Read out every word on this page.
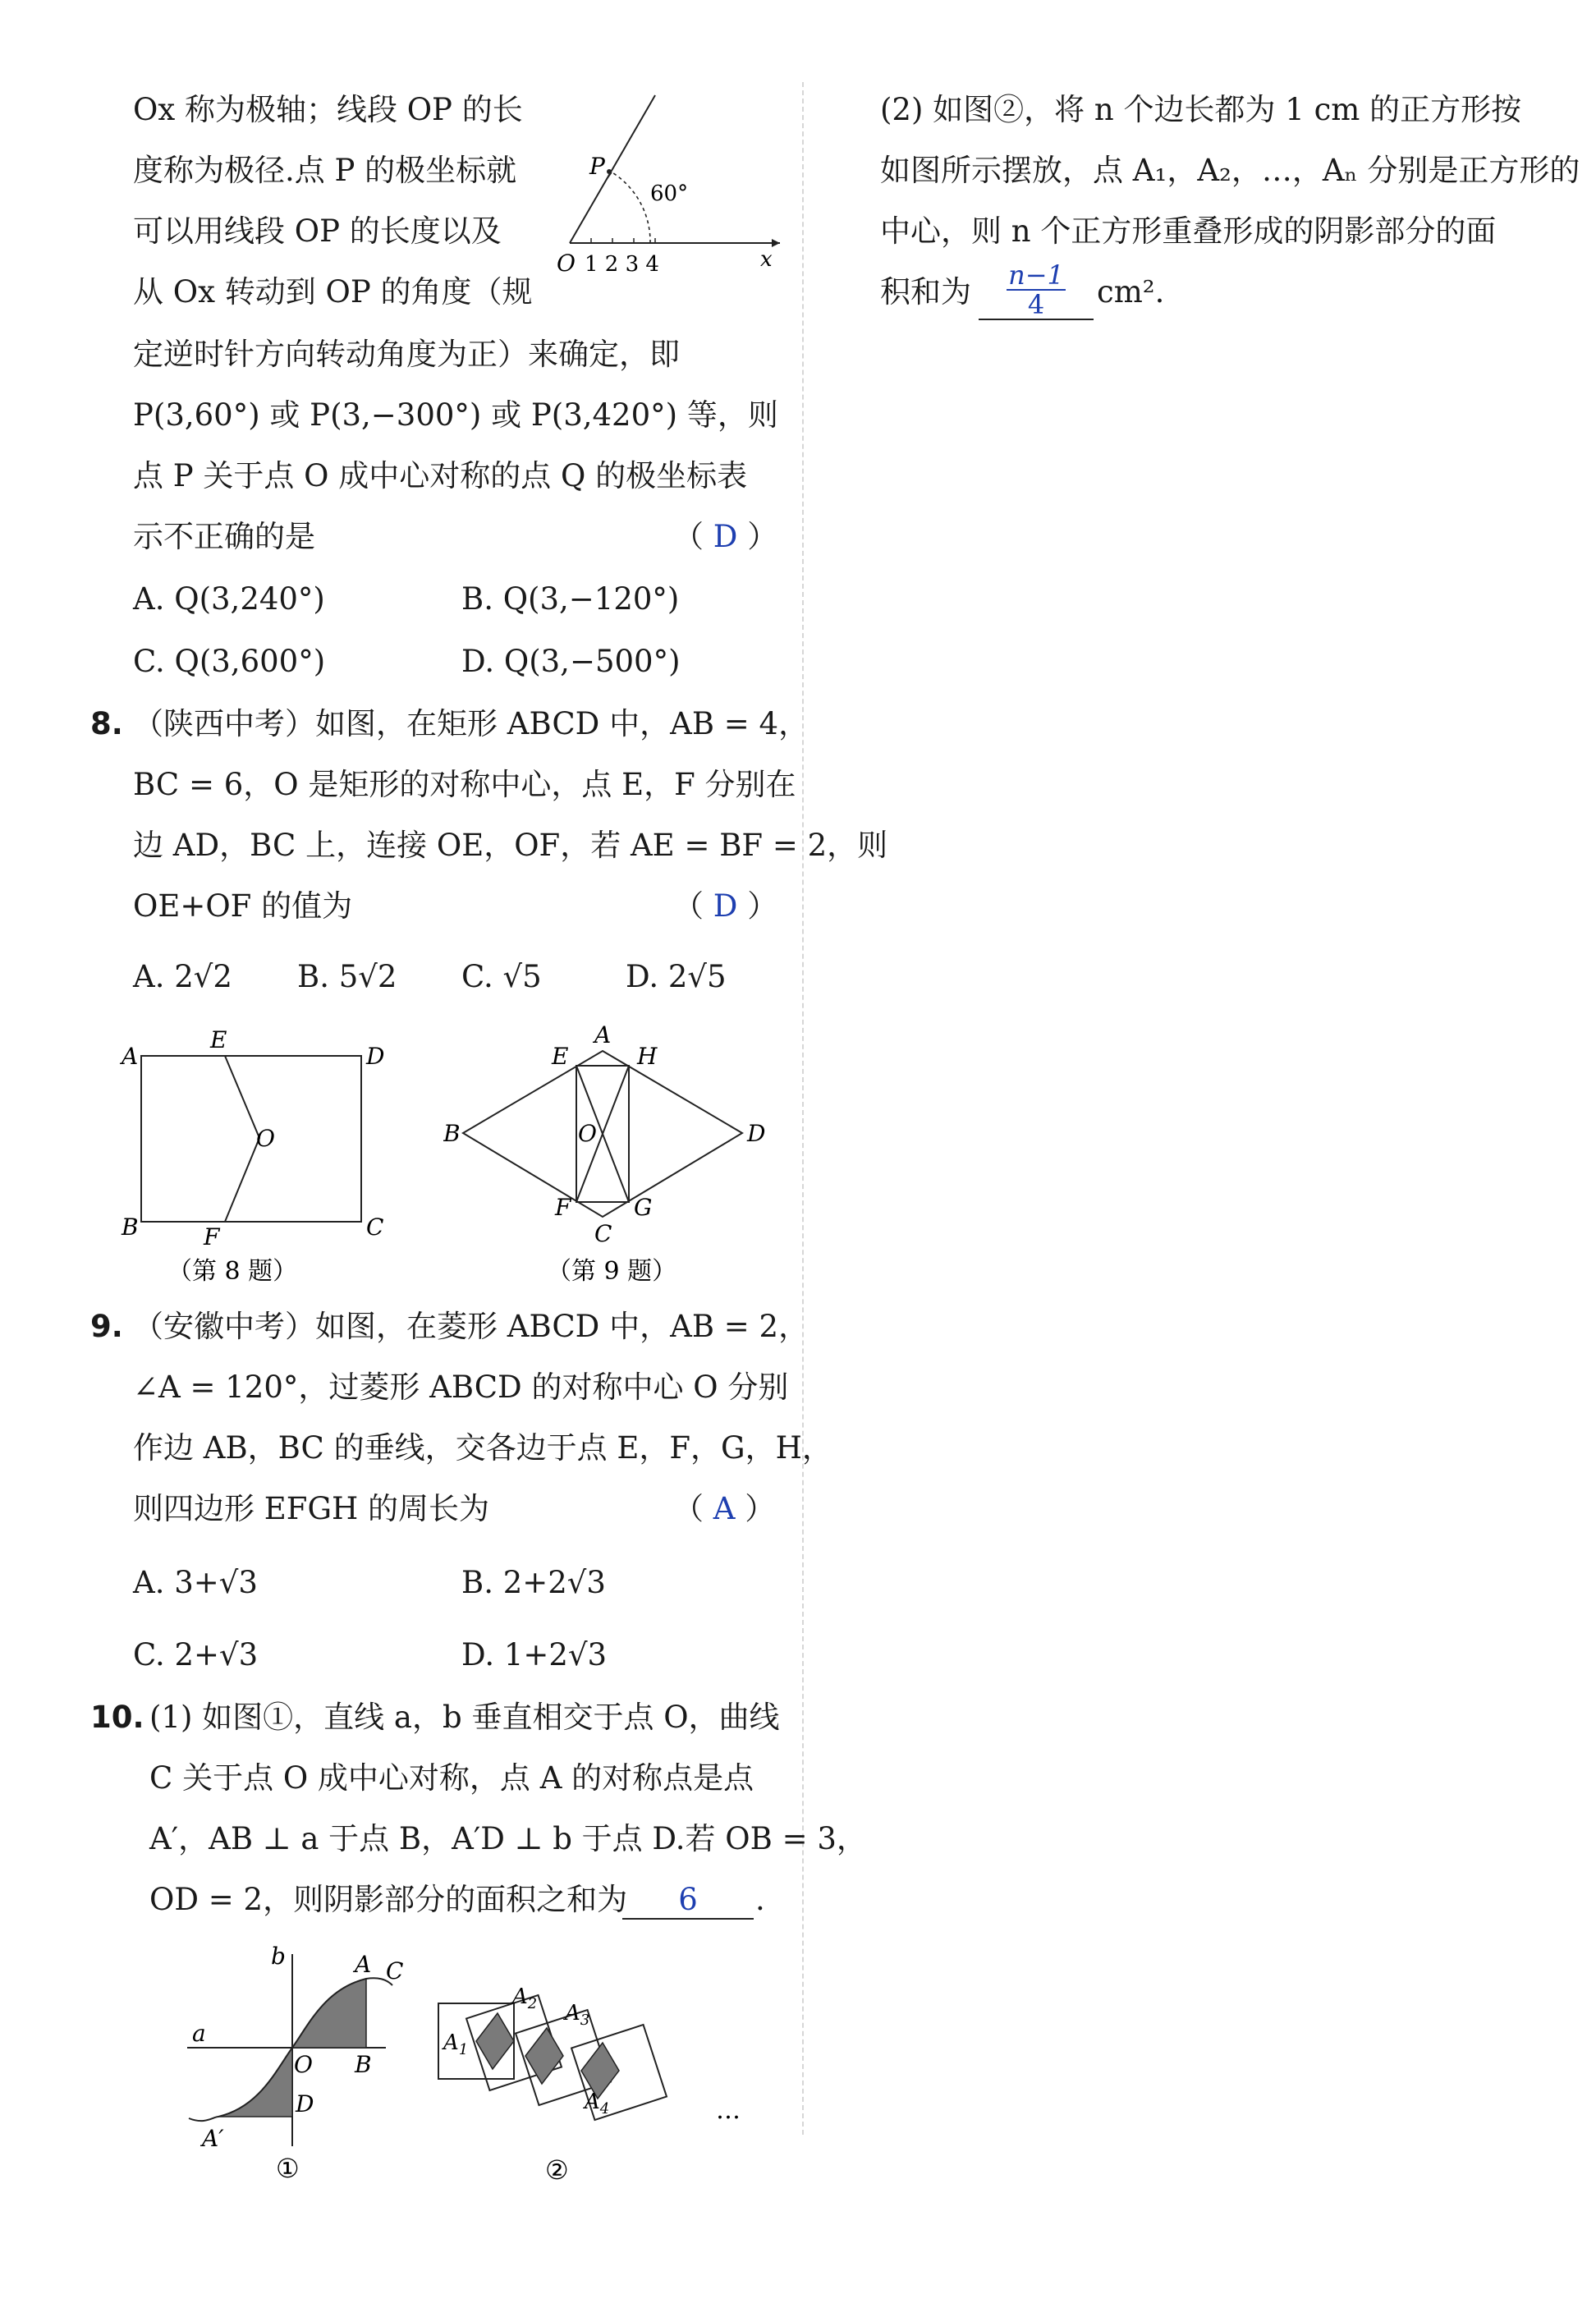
Ox 称为极轴；线段 OP 的长
度称为极径.点 P 的极坐标就
可以用线段 OP 的长度以及
从 Ox 转动到 OP 的角度（规
P
60°
O 1 2 3 4	x
定逆时针方向转动角度为正）来确定，即
P(3,60°) 或 P(3,−300°) 或 P(3,420°) 等，则
点 P 关于点 O 成中心对称的点 Q 的极坐标表
示不正确的是	（ D ）
A. Q(3,240°)	B. Q(3,−120°)
C. Q(3,600°)	D. Q(3,−500°)
8. （陕西中考）如图，在矩形 ABCD 中，AB = 4，
BC = 6，O 是矩形的对称中心，点 E，F 分别在
边 AD，BC 上，连接 OE，OF，若 AE = BF = 2，则
OE+OF 的值为	（ D ）
A. 2√2 B. 5√2 C. √5	D. 2√5
A
E
D
O
B	F	C
（第 8 题）
A
E	H
B	O	D
F	G
C
（第 9 题）
9. （安徽中考）如图，在菱形 ABCD 中，AB = 2，
∠A = 120°，过菱形 ABCD 的对称中心 O 分别
作边 AB，BC 的垂线，交各边于点 E，F，G，H，
则四边形 EFGH 的周长为	（ A ）
A. 3+√3	B. 2+2√3
C. 2+√3	D. 1+2√3
10. (1) 如图①，直线 a，b 垂直相交于点 O，曲线
C 关于点 O 成中心对称，点 A 的对称点是点
A′，AB ⊥ a 于点 B，A′D ⊥ b 于点 D.若 OB = 3，
OD = 2，则阴影部分的面积之和为	6	.
b	A C
a
O B
D
A′
①
$A_1$
$A_2$ $A_3$
$A_4$	…
②
(2) 如图②，将 n 个边长都为 1 cm 的正方形按
如图所示摆放，点 A₁，A₂，…，Aₙ 分别是正方形的
中心，则 n 个正方形重叠形成的阴影部分的面
积和为	n−1
4	cm².
